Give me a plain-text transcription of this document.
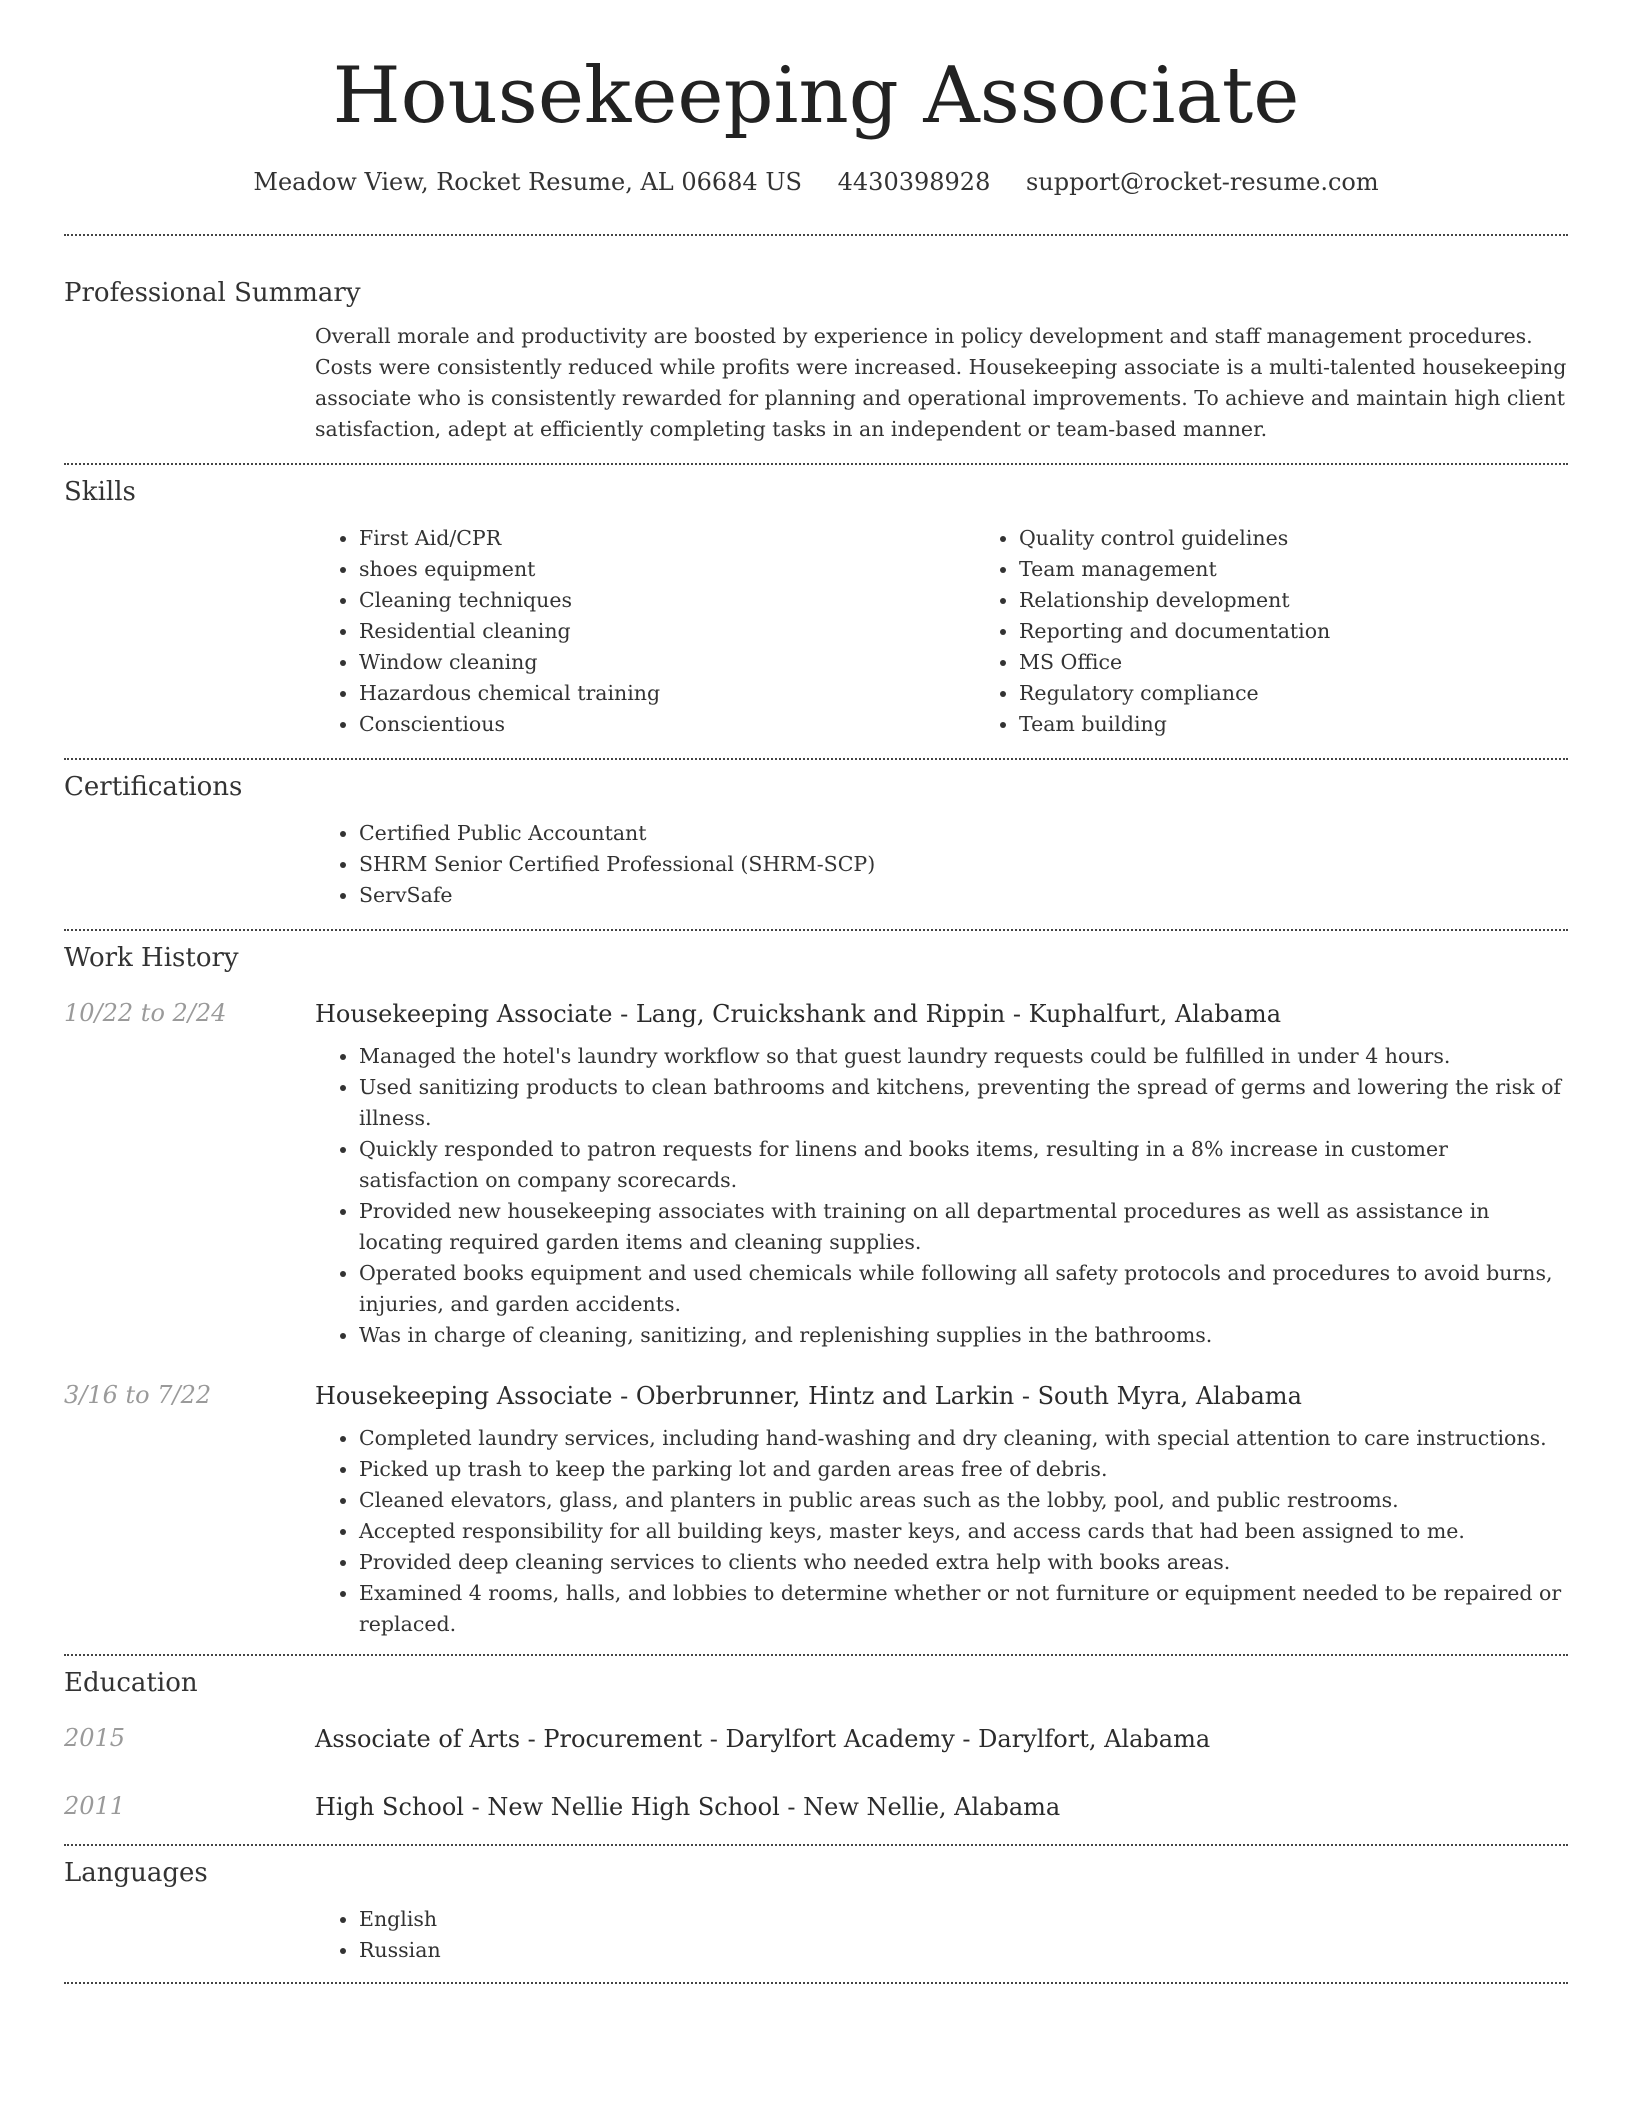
Housekeeping Associate
Meadow View, Rocket Resume, AL 06684 US 4430398928 support@rocket-resume.com
Professional Summary

Overall morale and productivity are boosted by experience in policy development and staff management procedures. Costs were consistently reduced while profits were increased. Housekeeping associate is a multi-talented housekeeping associate who is consistently rewarded for planning and operational improvements. To achieve and maintain high client satisfaction, adept at efficiently completing tasks in an independent or team-based manner.

Skills
• First Aid/CPR
• shoes equipment
• Cleaning techniques
• Residential cleaning
• Window cleaning
• Hazardous chemical training
• Conscientious
• Quality control guidelines
• Team management
• Relationship development
• Reporting and documentation
• MS Office
• Regulatory compliance
• Team building
Certifications
• Certified Public Accountant
• SHRM Senior Certified Professional (SHRM-SCP)
• ServSafe
Work History
10/22 to 2/24	Housekeeping Associate - Lang, Cruickshank and Rippin - Kuphalfurt, Alabama

• Managed the hotel's laundry workflow so that guest laundry requests could be fulfilled in under 4 hours.
• Used sanitizing products to clean bathrooms and kitchens, preventing the spread of germs and lowering the risk of illness.
• Quickly responded to patron requests for linens and books items, resulting in a 8% increase in customer satisfaction on company scorecards.
• Provided new housekeeping associates with training on all departmental procedures as well as assistance in locating required garden items and cleaning supplies.
• Operated books equipment and used chemicals while following all safety protocols and procedures to avoid burns, injuries, and garden accidents.
• Was in charge of cleaning, sanitizing, and replenishing supplies in the bathrooms.
3/16 to 7/22	Housekeeping Associate - Oberbrunner, Hintz and Larkin - South Myra, Alabama

• Completed laundry services, including hand-washing and dry cleaning, with special attention to care instructions.
• Picked up trash to keep the parking lot and garden areas free of debris.
• Cleaned elevators, glass, and planters in public areas such as the lobby, pool, and public restrooms.
• Accepted responsibility for all building keys, master keys, and access cards that had been assigned to me.
• Provided deep cleaning services to clients who needed extra help with books areas.
• Examined 4 rooms, halls, and lobbies to determine whether or not furniture or equipment needed to be repaired or replaced.
Education
2015	Associate of Arts - Procurement - Darylfort Academy - Darylfort, Alabama

2011	High School - New Nellie High School - New Nellie, Alabama

Languages
• English
• Russian
